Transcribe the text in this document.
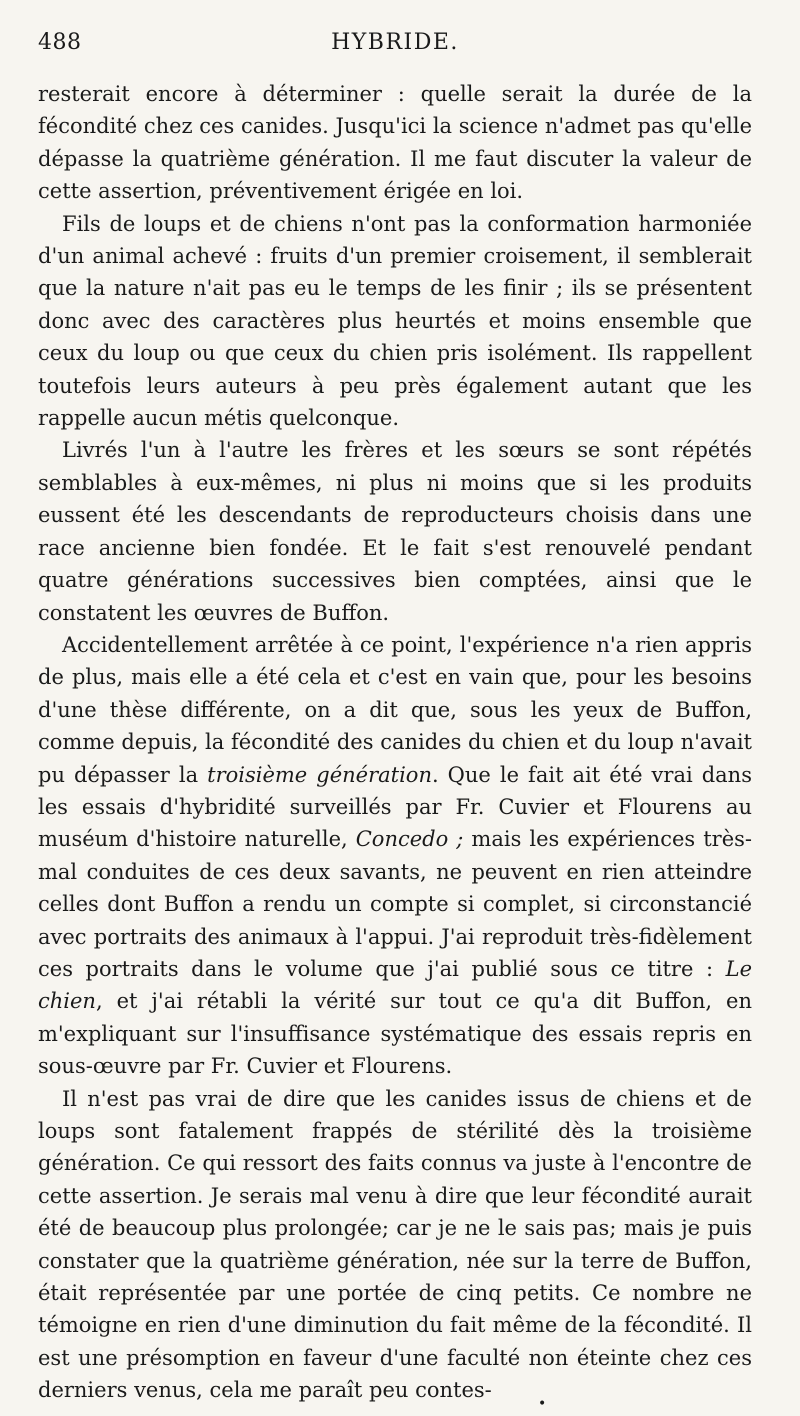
488	HYBRIDE.

resterait encore à déterminer : quelle serait la durée de la fécondité chez ces canides. Jusqu'ici la science n'admet pas qu'elle dépasse la quatrième génération. Il me faut discuter la valeur de cette assertion, préventivement érigée en loi.

Fils de loups et de chiens n'ont pas la conformation harmoniée d'un animal achevé : fruits d'un premier croisement, il semblerait que la nature n'ait pas eu le temps de les finir ; ils se présentent donc avec des caractères plus heurtés et moins ensemble que ceux du loup ou que ceux du chien pris isolément. Ils rappellent toutefois leurs auteurs à peu près également autant que les rappelle aucun métis quelconque.

Livrés l'un à l'autre les frères et les sœurs se sont répétés semblables à eux-mêmes, ni plus ni moins que si les produits eussent été les descendants de reproducteurs choisis dans une race ancienne bien fondée. Et le fait s'est renouvelé pendant quatre générations successives bien comptées, ainsi que le constatent les œuvres de Buffon.

Accidentellement arrêtée à ce point, l'expérience n'a rien appris de plus, mais elle a été cela et c'est en vain que, pour les besoins d'une thèse différente, on a dit que, sous les yeux de Buffon, comme depuis, la fécondité des canides du chien et du loup n'avait pu dépasser la troisième génération. Que le fait ait été vrai dans les essais d'hybridité surveillés par Fr. Cuvier et Flourens au muséum d'histoire naturelle, Concedo ; mais les expériences très-mal conduites de ces deux savants, ne peuvent en rien atteindre celles dont Buffon a rendu un compte si complet, si circonstancié avec portraits des animaux à l'appui. J'ai reproduit très-fidèlement ces portraits dans le volume que j'ai publié sous ce titre : Le chien, et j'ai rétabli la vérité sur tout ce qu'a dit Buffon, en m'expliquant sur l'insuffisance systématique des essais repris en sous-œuvre par Fr. Cuvier et Flourens.

Il n'est pas vrai de dire que les canides issus de chiens et de loups sont fatalement frappés de stérilité dès la troisième génération. Ce qui ressort des faits connus va juste à l'encontre de cette assertion. Je serais mal venu à dire que leur fécondité aurait été de beaucoup plus prolongée; car je ne le sais pas; mais je puis constater que la quatrième génération, née sur la terre de Buffon, était représentée par une portée de cinq petits. Ce nombre ne témoigne en rien d'une diminution du fait même de la fécondité. Il est une présomption en faveur d'une faculté non éteinte chez ces derniers venus, cela me paraît peu contes-

•
